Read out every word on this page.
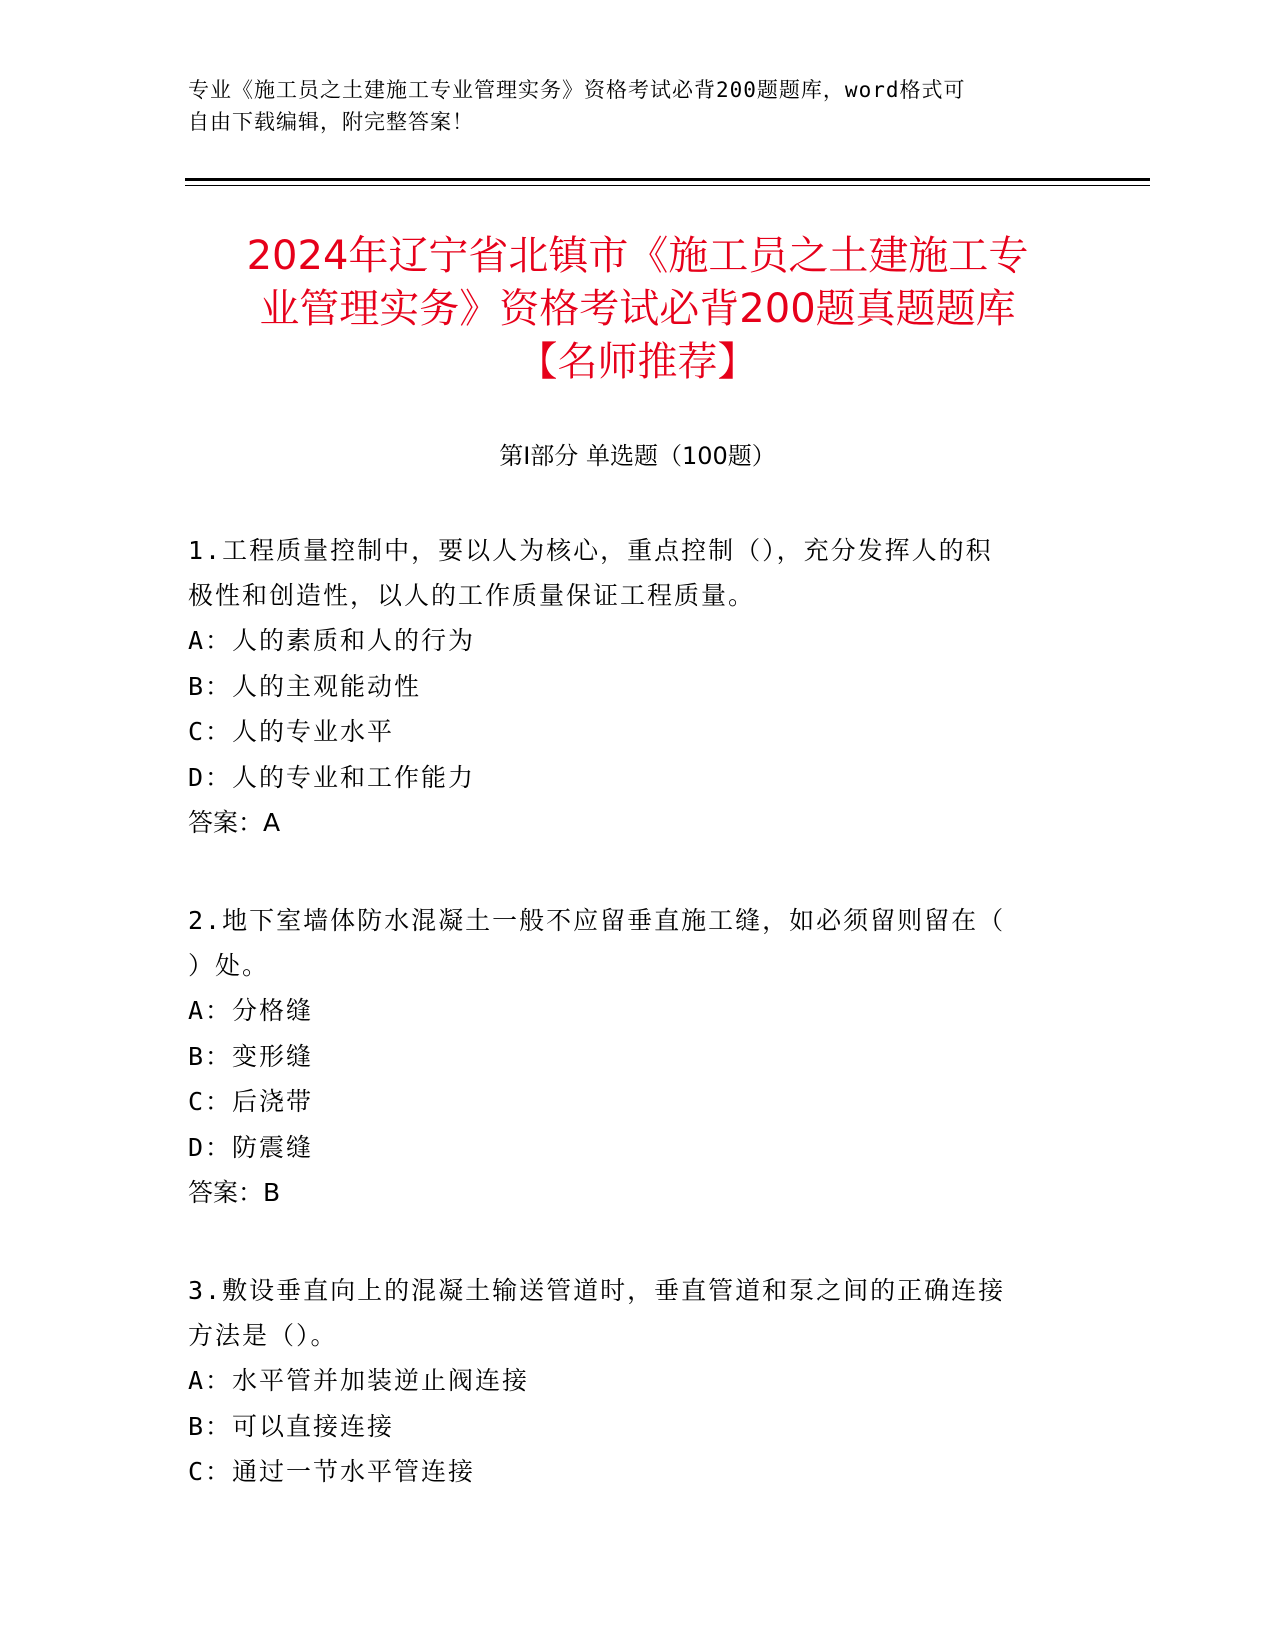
专业《施工员之土建施工专业管理实务》资格考试必背200题题库，word格式可
自由下载编辑，附完整答案！
2024年辽宁省北镇市《施工员之土建施工专
业管理实务》资格考试必背200题真题题库
【名师推荐】
第Ⅰ部分 单选题（100题）
1.工程质量控制中，要以人为核心，重点控制（），充分发挥人的积
极性和创造性，以人的工作质量保证工程质量。
A：人的素质和人的行为
B：人的主观能动性
C：人的专业水平
D：人的专业和工作能力
答案：A
2.地下室墙体防水混凝土一般不应留垂直施工缝，如必须留则留在（
）处。
A：分格缝
B：变形缝
C：后浇带
D：防震缝
答案：B
3.敷设垂直向上的混凝土输送管道时，垂直管道和泵之间的正确连接
方法是（）。
A：水平管并加装逆止阀连接
B：可以直接连接
C：通过一节水平管连接
